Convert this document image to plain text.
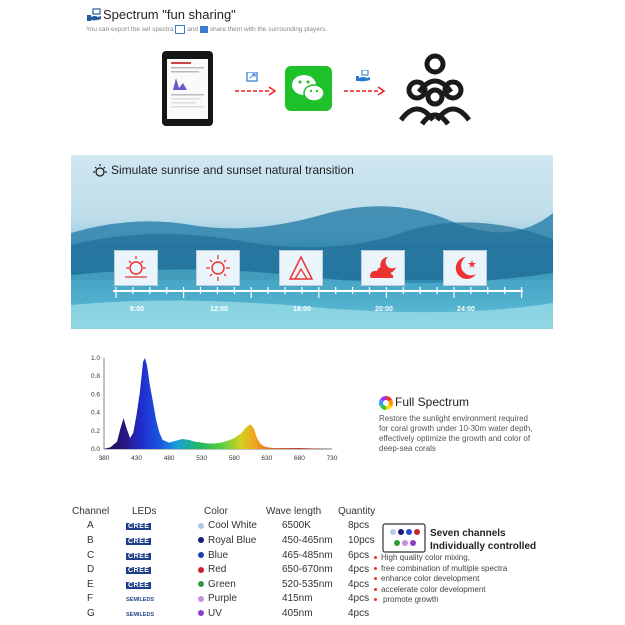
Spectrum "fun sharing"
You can export the set spectra and share them with the surrounding players.
Simulate sunrise and sunset natural transition
8:00	12:00	16:00	20:00	24:00
380	430	480	530	580	630	680	730
0.0
0.2
0.4
0.6
0.8
1.0
Full Spectrum
Restore the sunlight environment required
for coral growth under 10-30m water depth,
effectively optimize the growth and color of
deep-sea corals
Channel	LEDs	Color	Wave length	Quantity
A	CREE	Cool White	6500K	8pcs
B	CREE	Royal Blue	450-465nm	10pcs
C	CREE	Blue	465-485nm	6pcs
D	CREE	Red	650-670nm	4pcs
E	CREE	Green	520-535nm	4pcs
F	SEMILEDS	Purple	415nm	4pcs
G	SEMILEDS	UV	405nm	4pcs
Seven channels
Individually controlled
High quality color mixing,
free combination of multiple spectra
enhance color development
accelerate color development
promote growth
